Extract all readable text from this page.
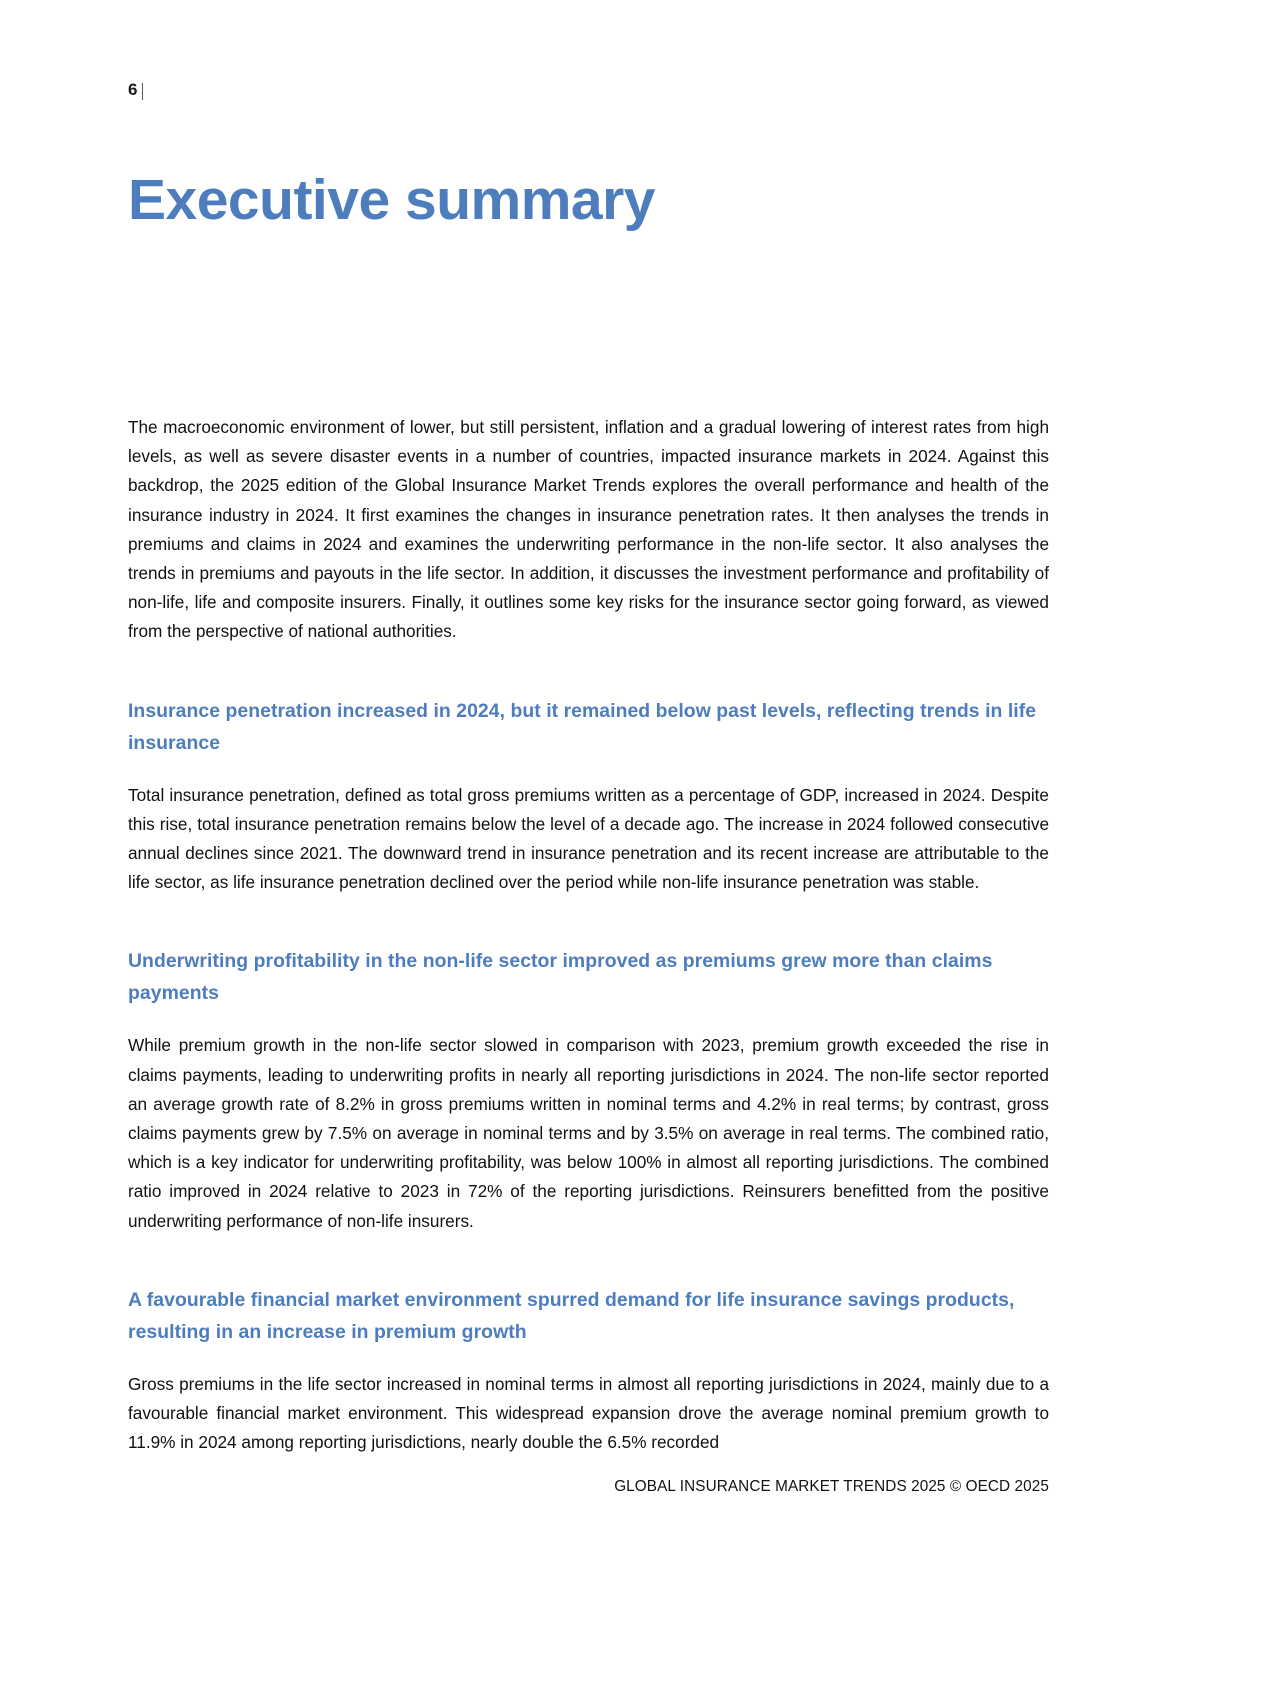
6
Executive summary

The macroeconomic environment of lower, but still persistent, inflation and a gradual lowering of interest rates from high levels, as well as severe disaster events in a number of countries, impacted insurance markets in 2024. Against this backdrop, the 2025 edition of the Global Insurance Market Trends explores the overall performance and health of the insurance industry in 2024. It first examines the changes in insurance penetration rates. It then analyses the trends in premiums and claims in 2024 and examines the underwriting performance in the non-life sector. It also analyses the trends in premiums and payouts in the life sector. In addition, it discusses the investment performance and profitability of non-life, life and composite insurers. Finally, it outlines some key risks for the insurance sector going forward, as viewed from the perspective of national authorities.

Insurance penetration increased in 2024, but it remained below past levels, reflecting trends in life insurance

Total insurance penetration, defined as total gross premiums written as a percentage of GDP, increased in 2024. Despite this rise, total insurance penetration remains below the level of a decade ago. The increase in 2024 followed consecutive annual declines since 2021. The downward trend in insurance penetration and its recent increase are attributable to the life sector, as life insurance penetration declined over the period while non-life insurance penetration was stable.

Underwriting profitability in the non-life sector improved as premiums grew more than claims payments

While premium growth in the non-life sector slowed in comparison with 2023, premium growth exceeded the rise in claims payments, leading to underwriting profits in nearly all reporting jurisdictions in 2024. The non-life sector reported an average growth rate of 8.2% in gross premiums written in nominal terms and 4.2% in real terms; by contrast, gross claims payments grew by 7.5% on average in nominal terms and by 3.5% on average in real terms. The combined ratio, which is a key indicator for underwriting profitability, was below 100% in almost all reporting jurisdictions. The combined ratio improved in 2024 relative to 2023 in 72% of the reporting jurisdictions. Reinsurers benefitted from the positive underwriting performance of non-life insurers.

A favourable financial market environment spurred demand for life insurance savings products, resulting in an increase in premium growth

Gross premiums in the life sector increased in nominal terms in almost all reporting jurisdictions in 2024, mainly due to a favourable financial market environment. This widespread expansion drove the average nominal premium growth to 11.9% in 2024 among reporting jurisdictions, nearly double the 6.5% recorded

GLOBAL INSURANCE MARKET TRENDS 2025 © OECD 2025
